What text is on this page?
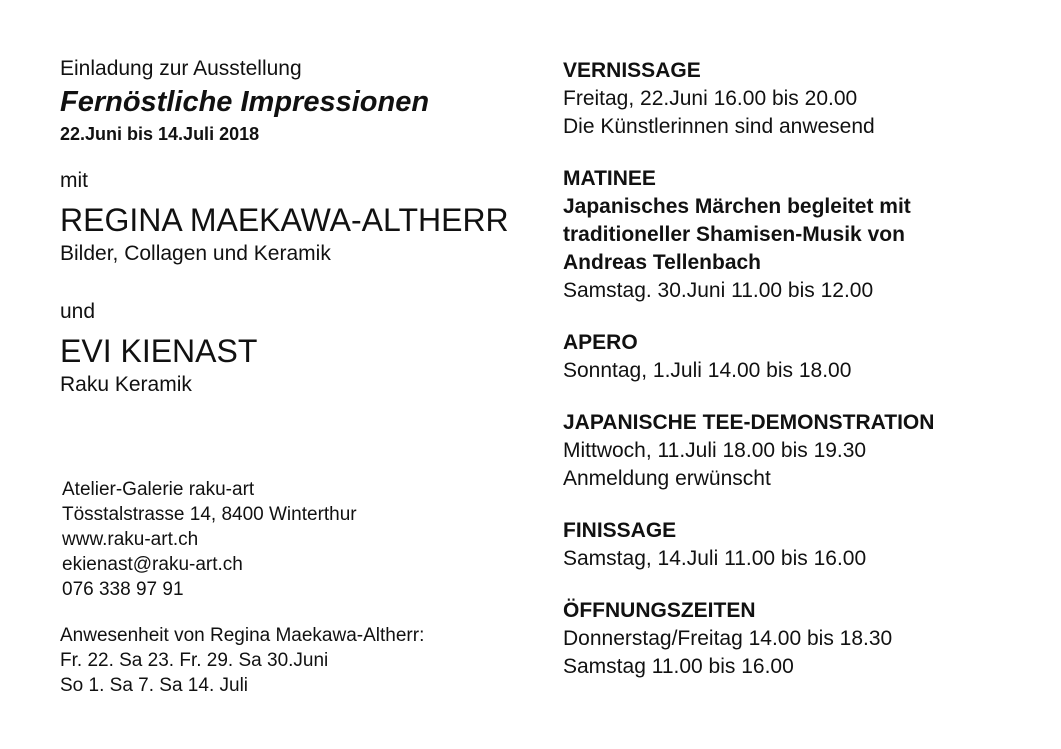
Einladung zur Ausstellung
Fernöstliche Impressionen
22.Juni bis 14.Juli 2018
mit
REGINA MAEKAWA-ALTHERR
Bilder, Collagen und Keramik
und
EVI KIENAST
Raku Keramik
Atelier-Galerie raku-art
Tösstalstrasse 14, 8400 Winterthur
www.raku-art.ch
ekienast@raku-art.ch
076 338 97 91
Anwesenheit von Regina Maekawa-Altherr:
Fr. 22. Sa 23. Fr. 29. Sa 30.Juni
So 1. Sa 7. Sa 14. Juli
VERNISSAGE
Freitag, 22.Juni 16.00 bis 20.00
Die Künstlerinnen sind anwesend
MATINEE
Japanisches Märchen begleitet mit
traditioneller Shamisen-Musik von
Andreas Tellenbach
Samstag. 30.Juni 11.00 bis 12.00
APERO
Sonntag, 1.Juli 14.00 bis 18.00
JAPANISCHE TEE-DEMONSTRATION
Mittwoch, 11.Juli 18.00 bis 19.30
Anmeldung erwünscht
FINISSAGE
Samstag, 14.Juli 11.00 bis 16.00
ÖFFNUNGSZEITEN
Donnerstag/Freitag 14.00 bis 18.30
Samstag 11.00 bis 16.00
